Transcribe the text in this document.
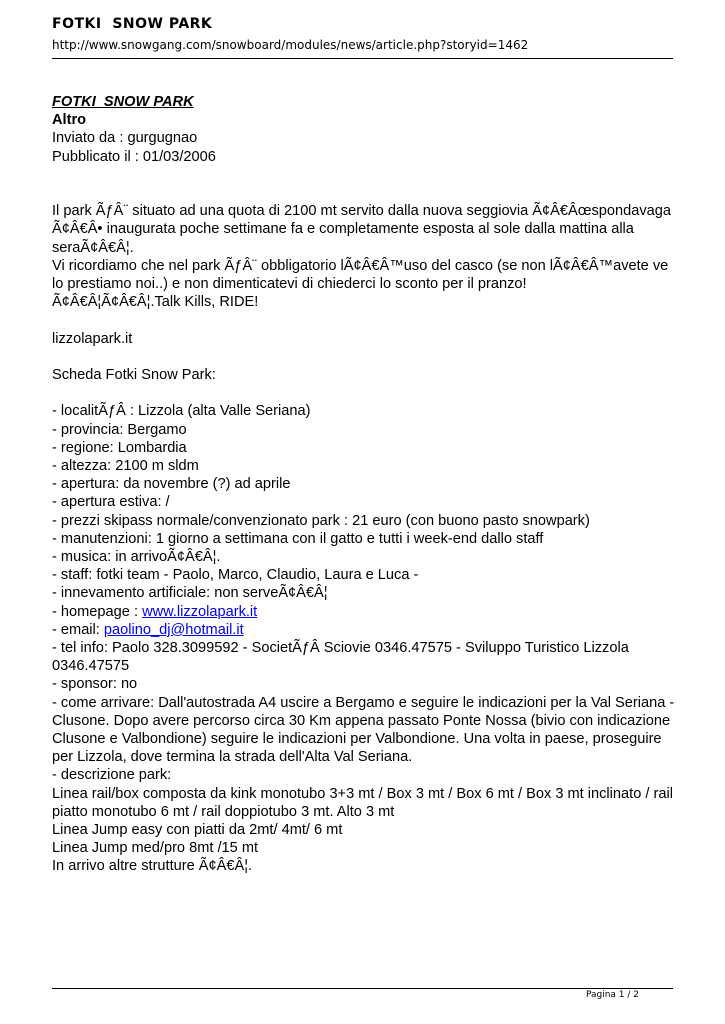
FOTKI  SNOW PARK
http://www.snowgang.com/snowboard/modules/news/article.php?storyid=1462

FOTKI  SNOW PARK

Altro

Inviato da : gurgugnao

Pubblicato il : 01/03/2006

Il park ÃƒÂ¨ situato ad una quota di 2100 mt servito dalla nuova seggiovia Ã¢Â€Âœspondavaga Ã¢Â€Â• inaugurata poche settimane fa e completamente esposta al sole dalla mattina alla seraÃ¢Â€Â¦.

Vi ricordiamo che nel park ÃƒÂ¨ obbligatorio lÃ¢Â€Â™uso del casco (se non lÃ¢Â€Â™avete ve lo prestiamo noi..) e non dimenticatevi di chiederci lo sconto per il pranzo!

Ã¢Â€Â¦Ã¢Â€Â¦.Talk Kills, RIDE!

lizzolapark.it

Scheda Fotki Snow Park:

- localitÃƒÂ : Lizzola (alta Valle Seriana)

- provincia: Bergamo

- regione: Lombardia

- altezza: 2100 m sldm

- apertura: da novembre (?) ad aprile

- apertura estiva: /

- prezzi skipass normale/convenzionato park : 21 euro (con buono pasto snowpark)

- manutenzioni: 1 giorno a settimana con il gatto e tutti i week-end dallo staff

- musica: in arrivoÃ¢Â€Â¦.

- staff: fotki team - Paolo, Marco, Claudio, Laura e Luca -

- innevamento artificiale: non serveÃ¢Â€Â¦

- homepage : www.lizzolapark.it

- email: paolino_dj@hotmail.it

- tel info: Paolo 328.3099592 - SocietÃƒÂ Sciovie 0346.47575 - Sviluppo Turistico Lizzola 0346.47575

- sponsor: no

- come arrivare: Dall'autostrada A4 uscire a Bergamo e seguire le indicazioni per la Val Seriana - Clusone. Dopo avere percorso circa 30 Km appena passato Ponte Nossa (bivio con indicazione Clusone e Valbondione) seguire le indicazioni per Valbondione. Una volta in paese, proseguire per Lizzola, dove termina la strada dell'Alta Val Seriana.

- descrizione park:

Linea rail/box composta da kink monotubo 3+3 mt / Box 3 mt / Box 6 mt / Box 3 mt inclinato / rail piatto monotubo 6 mt / rail doppiotubo 3 mt. Alto 3 mt

Linea Jump easy con piatti da 2mt/ 4mt/ 6 mt

Linea Jump med/pro 8mt /15 mt

In arrivo altre strutture Ã¢Â€Â¦.

Pagina 1 / 2
